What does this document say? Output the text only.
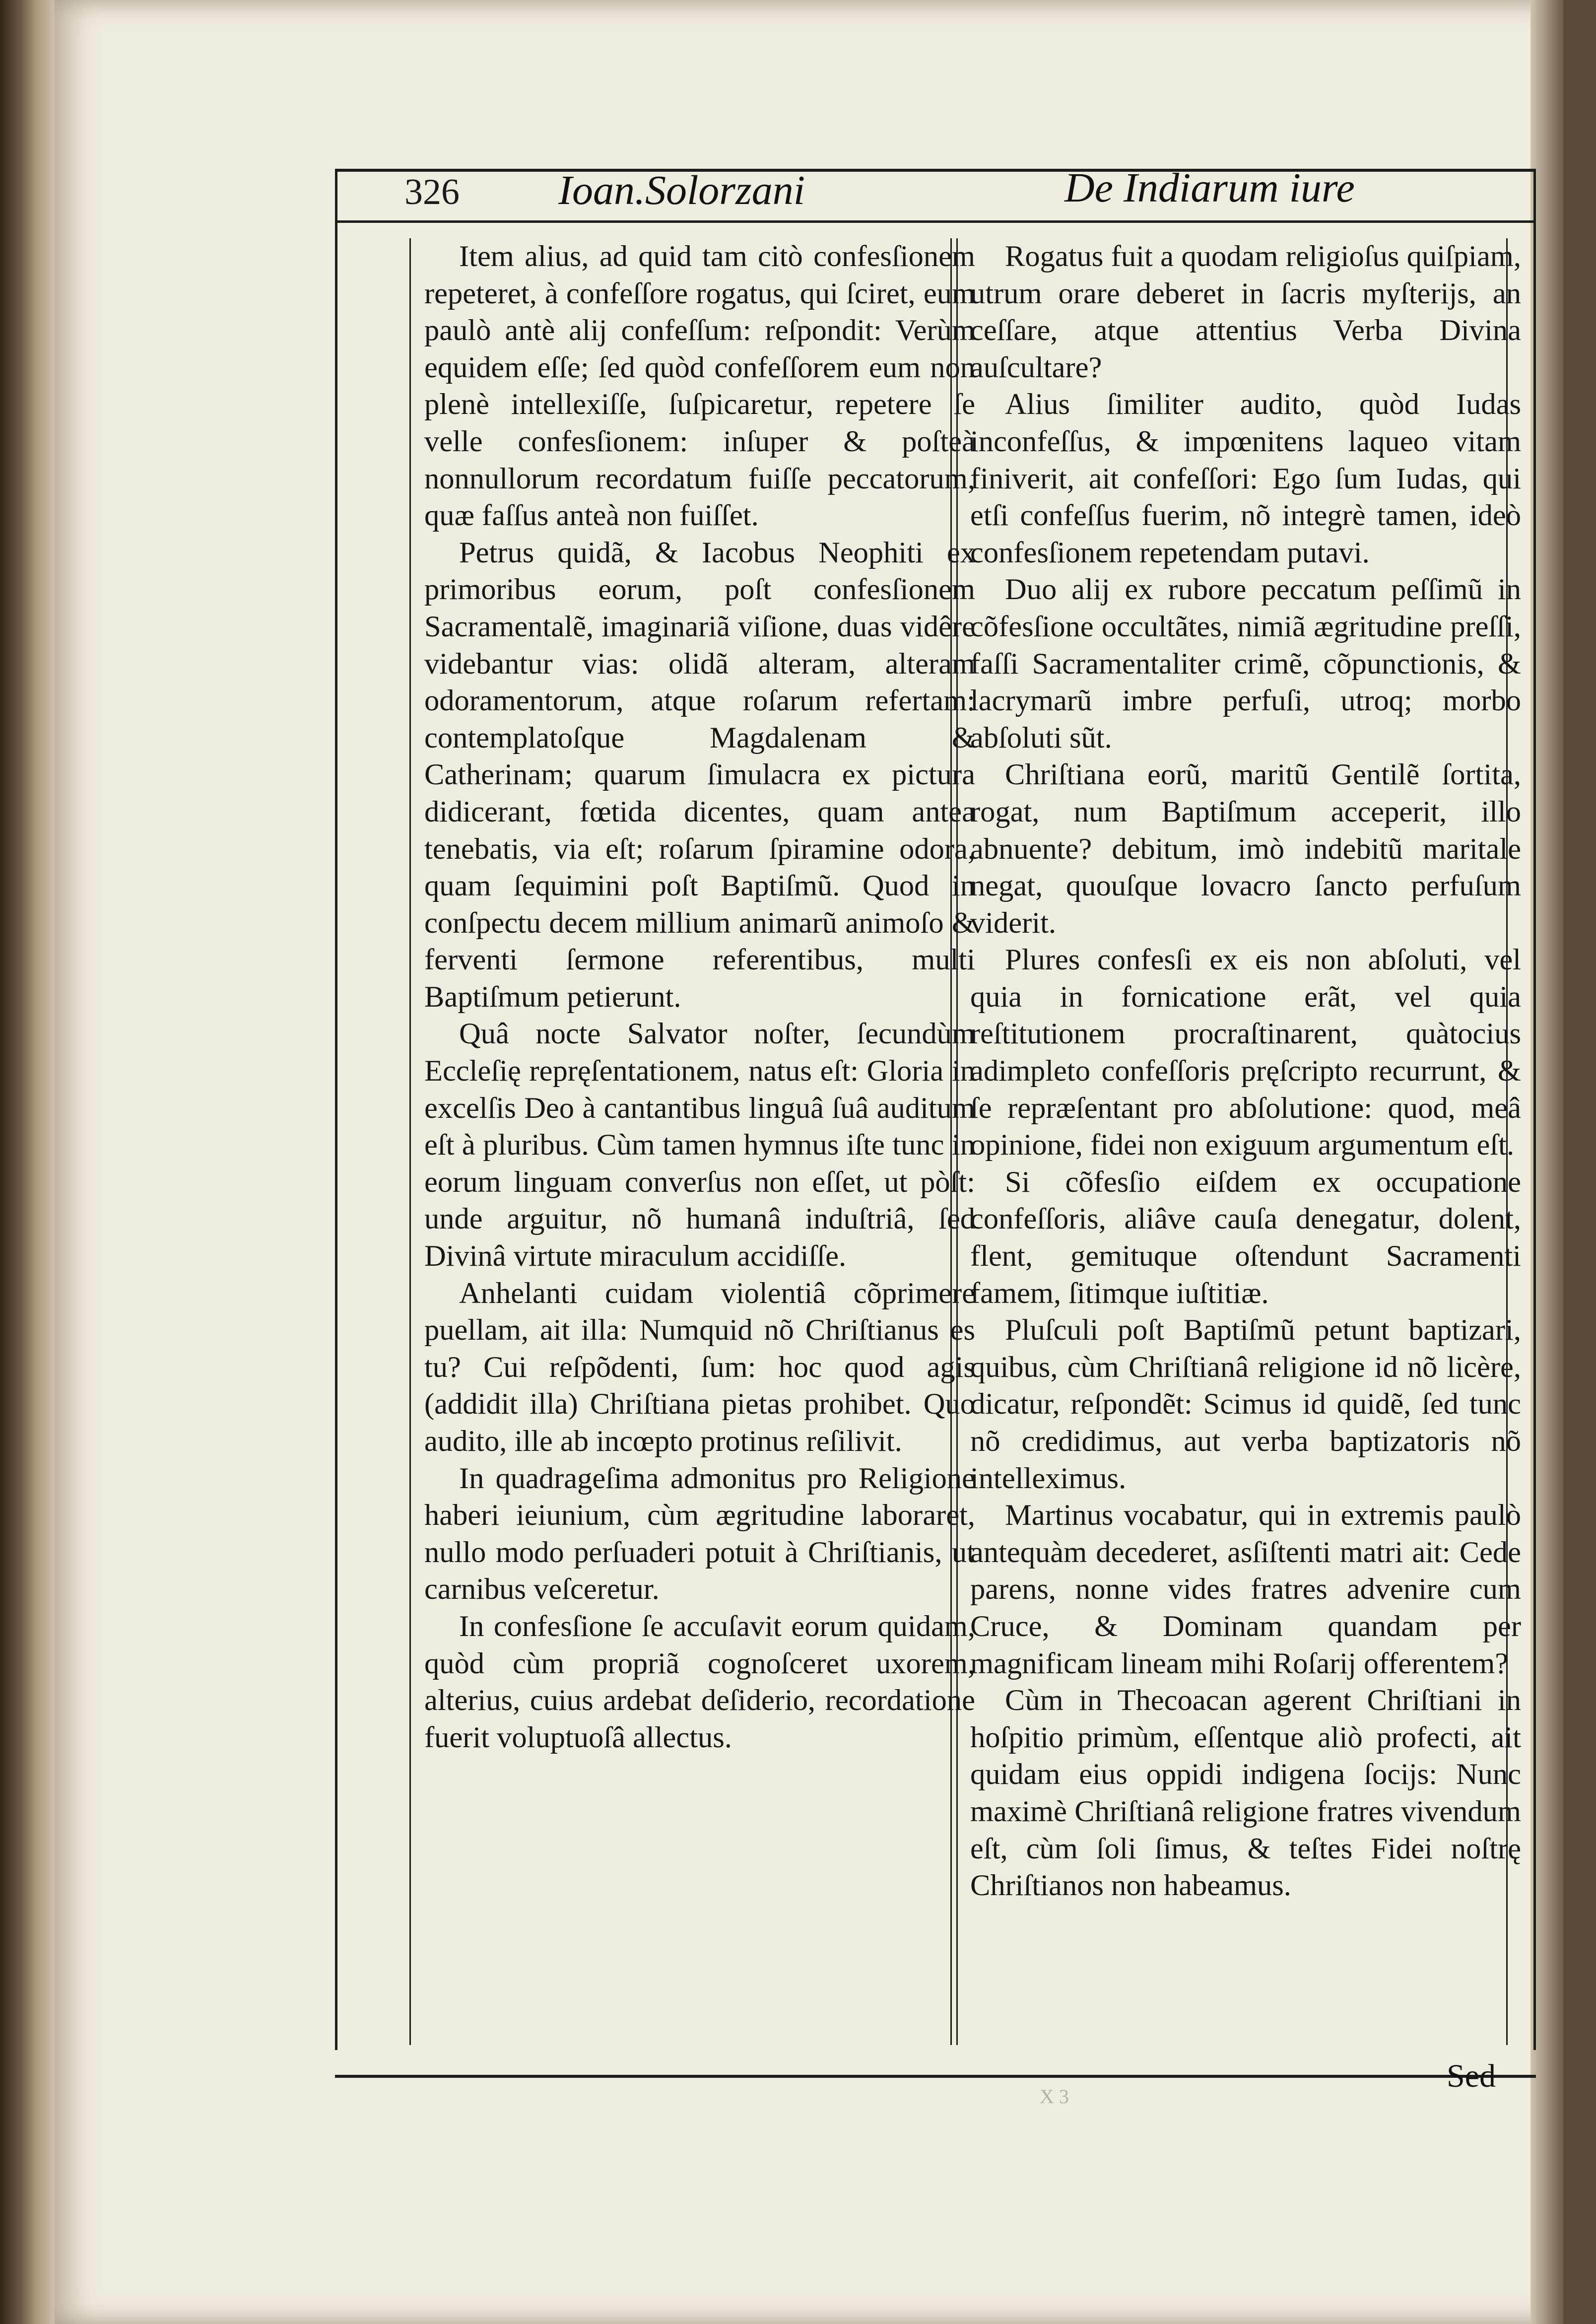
326 Ioan.Solorzani	De Indiarum iure

Item alius, ad quid tam citò confesſionem repeteret, à confeſſore rogatus, qui ſciret, eum paulò antè alij confeſſum: reſpondit: Verùm equidem eſſe; ſed quòd confeſſorem eum non plenè intellexiſſe, ſuſpicaretur, repetere ſe velle confesſionem: inſuper & poſteà nonnullorum recordatum fuiſſe peccatorum, quæ faſſus anteà non fuiſſet.

Petrus quidã, & Iacobus Neophiti ex primoribus eorum, poſt confesſionem Sacramentalẽ, imaginariã viſione, duas vidêre videbantur vias: olidã alteram, alteram odoramentorum, atque roſarum refertam: contemplatoſque Magdalenam & Catherinam; quarum ſimulacra ex pictura didicerant, fœtida dicentes, quam antea tenebatis, via eſt; roſarum ſpiramine odora, quam ſequimini poſt Baptiſmũ. Quod in conſpectu decem millium animarũ animoſo & ferventi ſermone referentibus, multi Baptiſmum petierunt.

Quâ nocte Salvator noſter, ſecundùm Eccleſię repręſentationem, natus eſt: Gloria in excelſis Deo à cantantibus linguâ ſuâ auditum eſt à pluribus. Cùm tamen hymnus iſte tunc in eorum linguam converſus non eſſet, ut pòſt: unde arguitur, nõ humanâ induſtriâ, ſed Divinâ virtute miraculum accidiſſe.

Anhelanti cuidam violentiâ cõprimere puellam, ait illa: Numquid nõ Chriſtianus es tu? Cui reſpõdenti, ſum: hoc quod agis (addidit illa) Chriſtiana pietas prohibet. Quo audito, ille ab incœpto protinus reſilivit.

In quadrageſima admonitus pro Religione haberi ieiunium, cùm ægritudine laboraret, nullo modo perſuaderi potuit à Chriſtianis, ut carnibus veſceretur.

In confesſione ſe accuſavit eorum quidam, quòd cùm propriã cognoſceret uxorem, alterius, cuius ardebat deſiderio, recordatione fuerit voluptuoſâ allectus.

Rogatus fuit a quodam religioſus quiſpiam, utrum orare deberet in ſacris myſterijs, an ceſſare, atque attentius Verba Divina auſcultare?

Alius ſimiliter audito, quòd Iudas inconfeſſus, & impœnitens laqueo vitam finiverit, ait confeſſori: Ego ſum Iudas, qui etſi confeſſus fuerim, nõ integrè tamen, ideò confesſionem repetendam putavi.

Duo alij ex rubore peccatum peſſimũ in cõfesſione occultãtes, nimiã ægritudine preſſi, faſſi Sacramentaliter crimẽ, cõpunctionis, & lacrymarũ imbre perfuſi, utroq; morbo abſoluti sũt.

Chriſtiana eorũ, maritũ Gentilẽ ſortita, rogat, num Baptiſmum acceperit, illo abnuente? debitum, imò indebitũ maritale negat, quouſque lovacro ſancto perfuſum viderit.

Plures confesſi ex eis non abſoluti, vel quia in fornicatione erãt, vel quia reſtitutionem procraſtinarent, quàtocius adimpleto confeſſoris pręſcripto recurrunt, & ſe repræſentant pro abſolutione: quod, meâ opinione, fidei non exiguum argumentum eſt.

Si cõfesſio eiſdem ex occupatione confeſſoris, aliâve cauſa denegatur, dolent, flent, gemituque oſtendunt Sacramenti famem, ſitimque iuſtitiæ.

Pluſculi poſt Baptiſmũ petunt baptizari, quibus, cùm Chriſtianâ religione id nõ licère, dicatur, reſpondẽt: Scimus id quidẽ, ſed tunc nõ credidimus, aut verba baptizatoris nõ intelleximus.

Martinus vocabatur, qui in extremis paulò antequàm decederet, asſiſtenti matri ait: Cede parens, nonne vides fratres advenire cum Cruce, & Dominam quandam per magnificam lineam mihi Roſarij offerentem?

Cùm in Thecoacan agerent Chriſtiani in hoſpitio primùm, eſſentque aliò profecti, ait quidam eius oppidi indigena ſocijs: Nunc maximè Chriſtianâ religione fratres vivendum eſt, cùm ſoli ſimus, & teſtes Fidei noſtrę Chriſtianos non habeamus.

X 3
Sed
